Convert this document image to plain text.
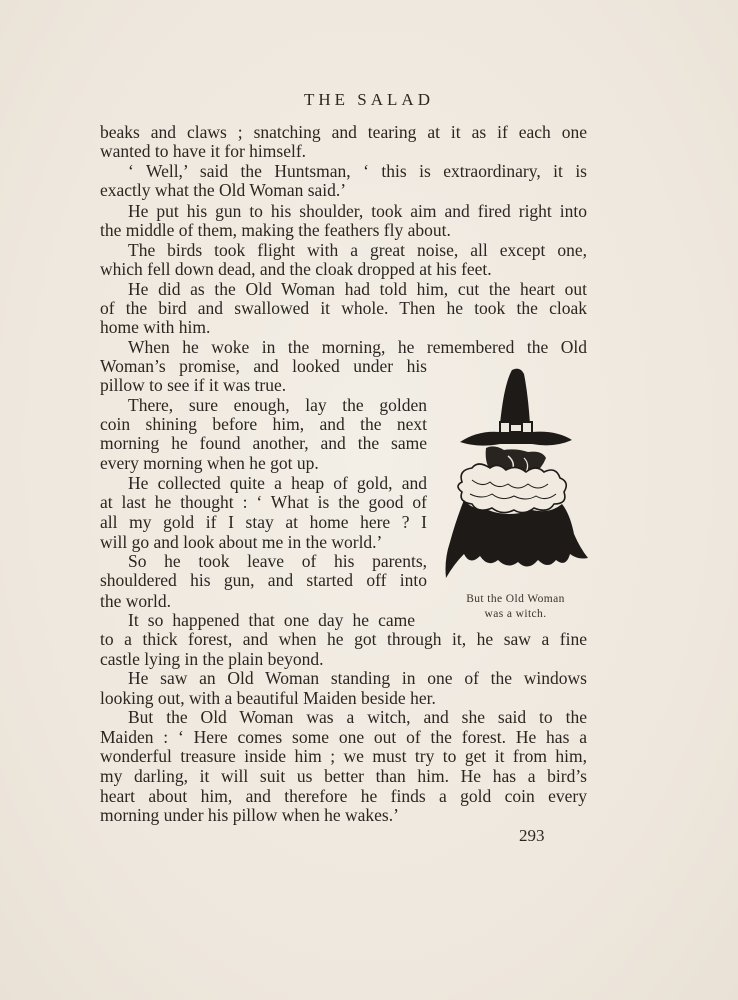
THE SALAD
beaks and claws ; snatching and tearing at it as if each one
wanted to have it for himself.
‘ Well,’ said the Huntsman, ‘ this is extraordinary, it is
exactly what the Old Woman said.’
He put his gun to his shoulder, took aim and fired right into
the middle of them, making the feathers fly about.
The birds took flight with a great noise, all except one,
which fell down dead, and the cloak dropped at his feet.
He did as the Old Woman had told him, cut the heart out
of the bird and swallowed it whole. Then he took the cloak
home with him.
When he woke in the morning, he remembered the Old
Woman’s promise, and looked under his
pillow to see if it was true.
There, sure enough, lay the golden
coin shining before him, and the next
morning he found another, and the same
every morning when he got up.
He collected quite a heap of gold, and
at last he thought : ‘ What is the good of
all my gold if I stay at home here ? I
will go and look about me in the world.’
So he took leave of his parents,
shouldered his gun, and started off into
the world.
It so happened that one day he came
to a thick forest, and when he got through it, he saw a fine
castle lying in the plain beyond.
He saw an Old Woman standing in one of the windows
looking out, with a beautiful Maiden beside her.
But the Old Woman was a witch, and she said to the
Maiden : ‘ Here comes some one out of the forest. He has a
wonderful treasure inside him ; we must try to get it from him,
my darling, it will suit us better than him. He has a bird’s
heart about him, and therefore he finds a gold coin every
morning under his pillow when he wakes.’
But the Old Woman
was a witch.
293
